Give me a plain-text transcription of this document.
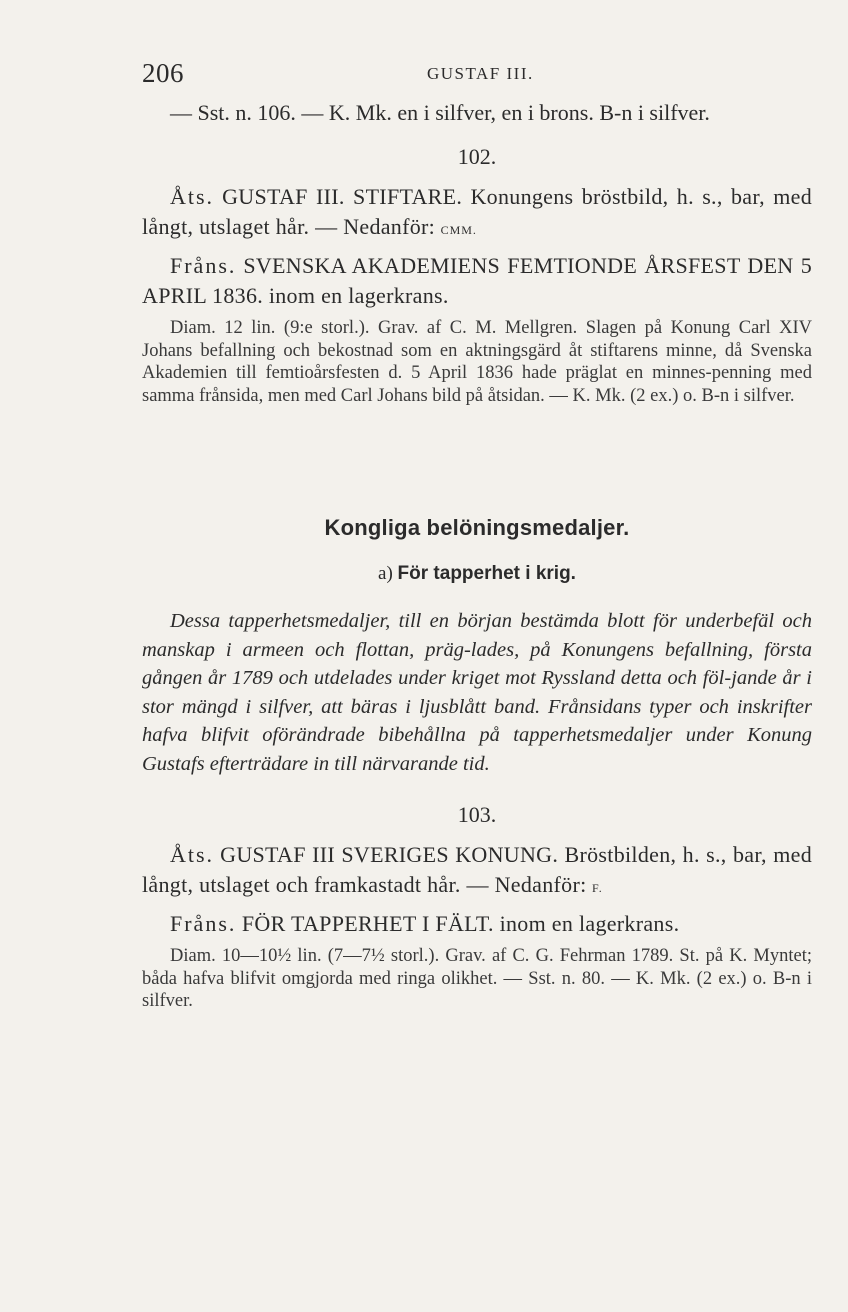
206	GUSTAF III.

— Sst. n. 106. — K. Mk. en i silfver, en i brons. B-n i silfver.

102.

Åts. GUSTAF III. STIFTARE. Konungens bröstbild, h. s., bar, med långt, utslaget hår. — Nedanför: CMM.

Fråns. SVENSKA AKADEMIENS FEMTIONDE ÅRSFEST DEN 5 APRIL 1836. inom en lagerkrans.

Diam. 12 lin. (9:e storl.). Grav. af C. M. Mellgren. Slagen på Konung Carl XIV Johans befallning och bekostnad som en aktningsgärd åt stiftarens minne, då Svenska Akademien till femtioårsfesten d. 5 April 1836 hade präglat en minnes-penning med samma frånsida, men med Carl Johans bild på åtsidan. — K. Mk. (2 ex.) o. B-n i silfver.

Kongliga belöningsmedaljer.
a) För tapperhet i krig.

Dessa tapperhetsmedaljer, till en början bestämda blott för underbefäl och manskap i armeen och flottan, präg-lades, på Konungens befallning, första gången år 1789 och utdelades under kriget mot Ryssland detta och föl-jande år i stor mängd i silfver, att bäras i ljusblått band. Frånsidans typer och inskrifter hafva blifvit oförändrade bibehållna på tapperhetsmedaljer under Konung Gustafs efterträdare in till närvarande tid.

103.

Åts. GUSTAF III SVERIGES KONUNG. Bröstbilden, h. s., bar, med långt, utslaget och framkastadt hår. — Nedanför: F.

Fråns. FÖR TAPPERHET I FÄLT. inom en lagerkrans.

Diam. 10—10½ lin. (7—7½ storl.). Grav. af C. G. Fehrman 1789. St. på K. Myntet; båda hafva blifvit omgjorda med ringa olikhet. — Sst. n. 80. — K. Mk. (2 ex.) o. B-n i silfver.
